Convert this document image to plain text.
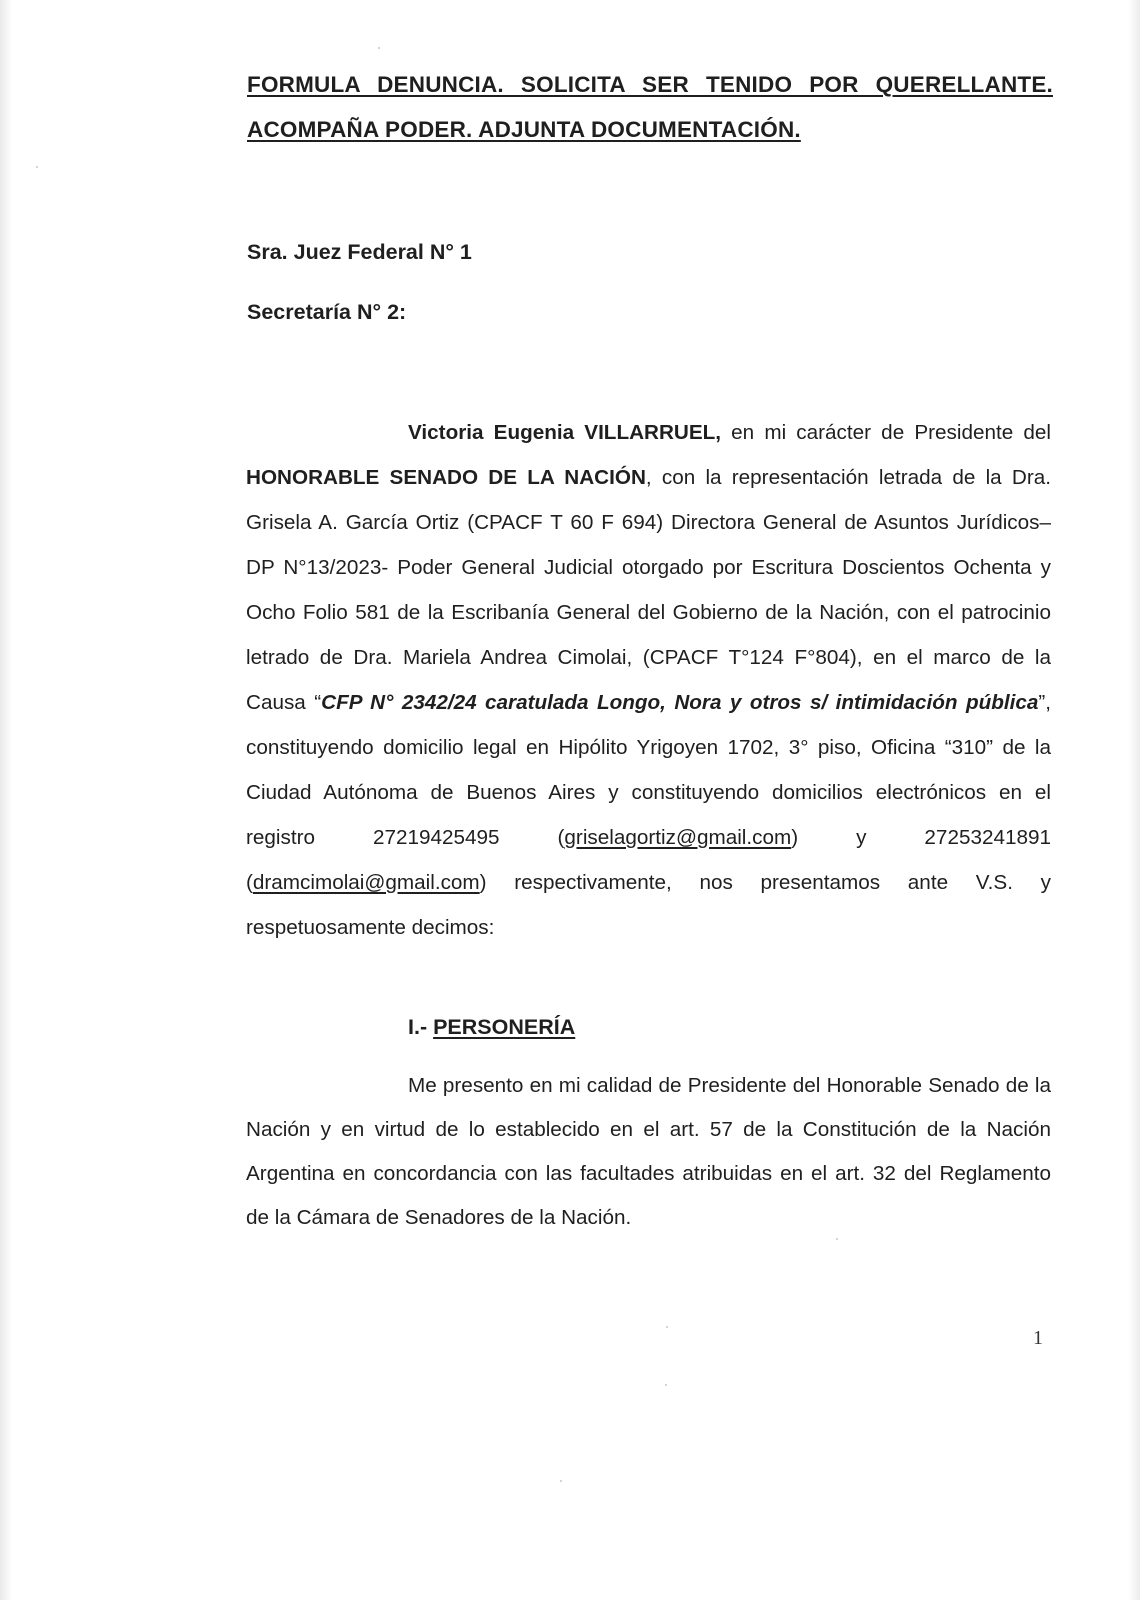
FORMULA DENUNCIA. SOLICITA SER TENIDO POR QUERELLANTE.
ACOMPAÑA PODER. ADJUNTA DOCUMENTACIÓN.
Sra. Juez Federal N° 1
Secretaría N° 2:

Victoria Eugenia VILLARRUEL, en mi carácter de Presidente del HONORABLE SENADO DE LA NACIÓN, con la representación letrada de la Dra. Grisela A. García Ortiz (CPACF T 60 F 694) Directora General de Asuntos Jurídicos– DP N°13/2023- Poder General Judicial otorgado por Escritura Doscientos Ochenta y Ocho Folio 581 de la Escribanía General del Gobierno de la Nación, con el patrocinio letrado de Dra. Mariela Andrea Cimolai, (CPACF T°124 F°804), en el marco de la Causa “CFP N° 2342/24 caratulada Longo, Nora y otros s/ intimidación pública”, constituyendo domicilio legal en Hipólito Yrigoyen 1702, 3° piso, Oficina “310” de la Ciudad Autónoma de Buenos Aires y constituyendo domicilios electrónicos en el registro 27219425495 (griselagortiz@gmail.com) y 27253241891 (dramcimolai@gmail.com) respectivamente, nos presentamos ante V.S. y respetuosamente decimos:

I.- PERSONERÍA

Me presento en mi calidad de Presidente del Honorable Senado de la Nación y en virtud de lo establecido en el art. 57 de la Constitución de la Nación Argentina en concordancia con las facultades atribuidas en el art. 32 del Reglamento de la Cámara de Senadores de la Nación.

1
